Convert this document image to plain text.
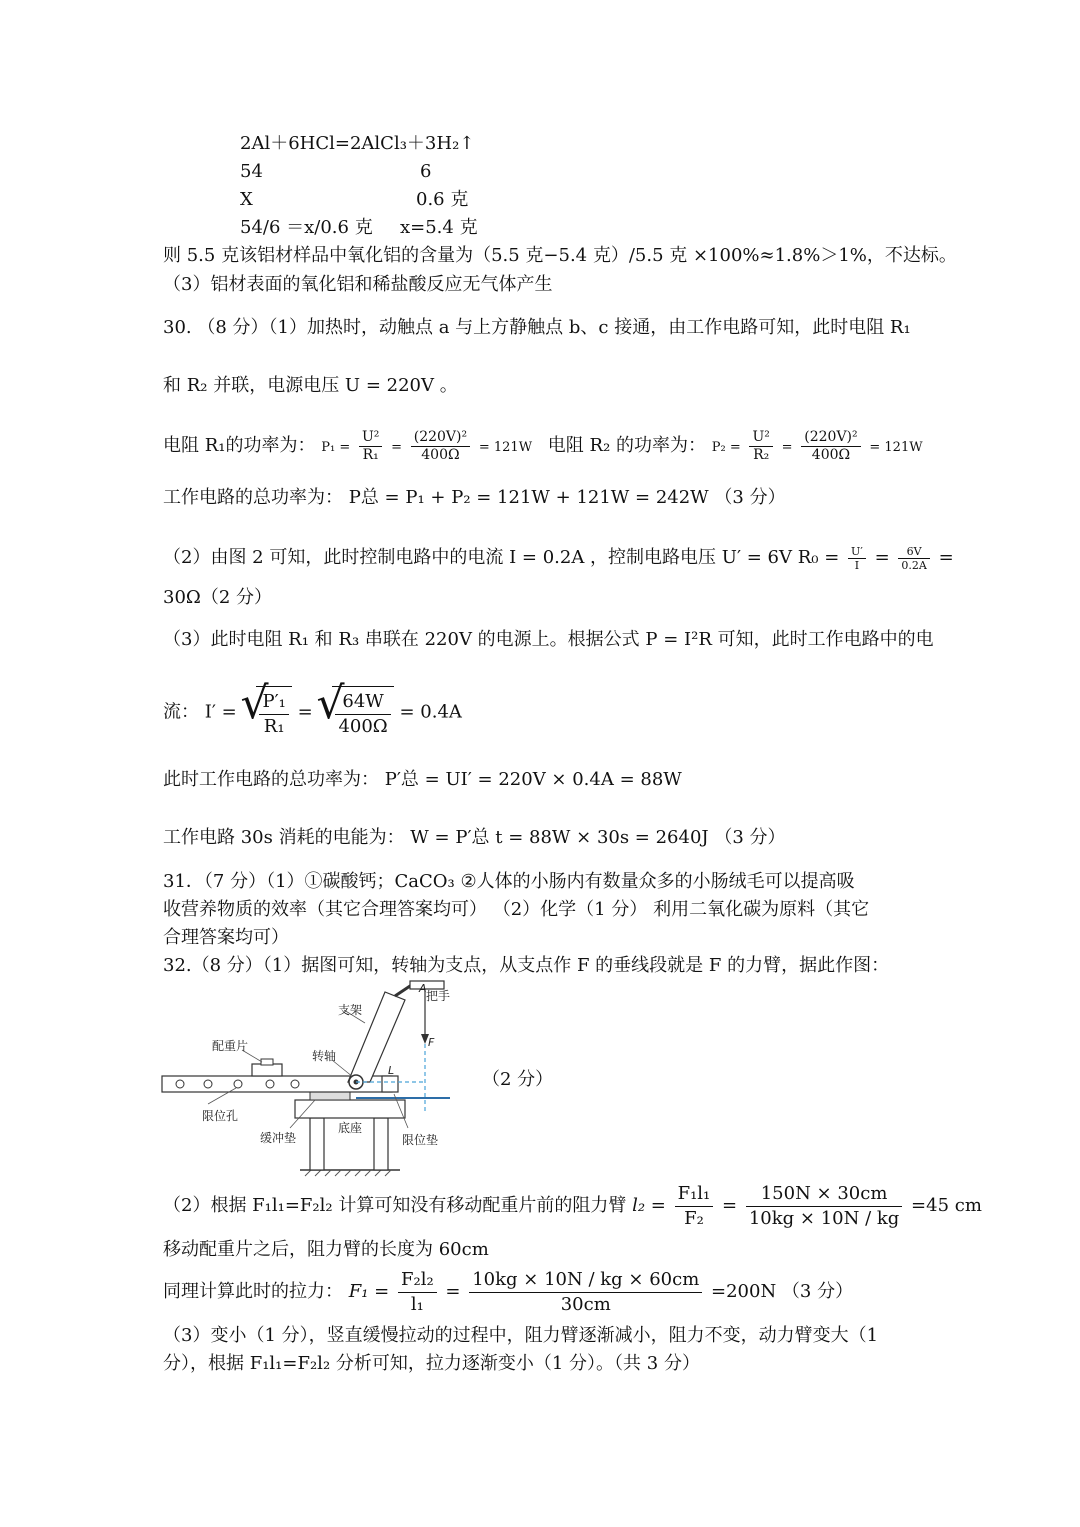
2Al＋6HCl=2AlCl₃＋3H₂↑
54	6
X	0.6 克
54/6 ＝x/0.6 克 x=5.4 克
则 5.5 克该铝材样品中氧化铝的含量为（5.5 克−5.4 克）/5.5 克 ×100%≈1.8%＞1%，不达标。
（3）铝材表面的氧化铝和稀盐酸反应无气体产生
30. （8 分）（1）加热时，动触点 a 与上方静触点 b、c 接通，由工作电路可知，此时电阻 R₁
和 R₂ 并联，电源电压 U = 220V 。
电阻 R₁的功率为： $P_1 = \frac{\text{U²}}{\text{R₁}} = \frac{\text{(220V)²}}{400\Omega} = 121W$ 电阻 R₂ 的功率为： $P_2 = \frac{\text{U²}}{\text{R₂}} = \frac{\text{(220V)²}}{400\Omega} = 121W$
工作电路的总功率为： P总 = P₁ + P₂ = 121W + 121W = 242W （3 分）
（2）由图 2 可知，此时控制电路中的电流 I = 0.2A ，控制电路电压 U′ = 6V $R_0 = \frac{U'}{I} = \frac{6V}{0.2A}$ =
30Ω（2 分）
（3）此时电阻 R₁ 和 R₃ 串联在 220V 的电源上。根据公式 P = I²R 可知，此时工作电路中的电
流： I′ = √ $\frac{\text{P′₁}}{\text{R₁}}$ = √ $\frac{64W}{400\Omega} = 0.4A$
此时工作电路的总功率为： P′总 = UI′ = 220V × 0.4A = 88W
工作电路 30s 消耗的电能为： W = P′总 t = 88W × 30s = 2640J （3 分）
31．（7 分）（1）①碳酸钙；CaCO₃ ②人体的小肠内有数量众多的小肠绒毛可以提高吸
收营养物质的效率（其它合理答案均可） （2）化学（1 分） 利用二氧化碳为原料（其它
合理答案均可）
32.（8 分）（1）据图可知，转轴为支点，从支点作 F 的垂线段就是 F 的力臂，据此作图：
A
把手
支架
F
配重片
转轴
L
限位孔
缓冲垫
底座
限位垫
（2 分）
（2）根据 F₁l₁=F₂l₂ 计算可知没有移动配重片前的阻力臂 $l_2 = \frac{\text{F₁l₁}}{\text{F₂}} = \frac{150N \times 30cm}{10kg \times 10N / kg} =45$ cm
移动配重片之后，阻力臂的长度为 60cm
同理计算此时的拉力： $F_1 = \frac{\text{F₂l₂}}{\text{l₁}} = \frac{10kg \times 10N / kg \times 60cm}{30cm} =200N$ （3 分）
（3）变小（1 分），竖直缓慢拉动的过程中，阻力臂逐渐减小，阻力不变，动力臂变大（1
分），根据 F₁l₁=F₂l₂ 分析可知，拉力逐渐变小（1 分）。（共 3 分）
